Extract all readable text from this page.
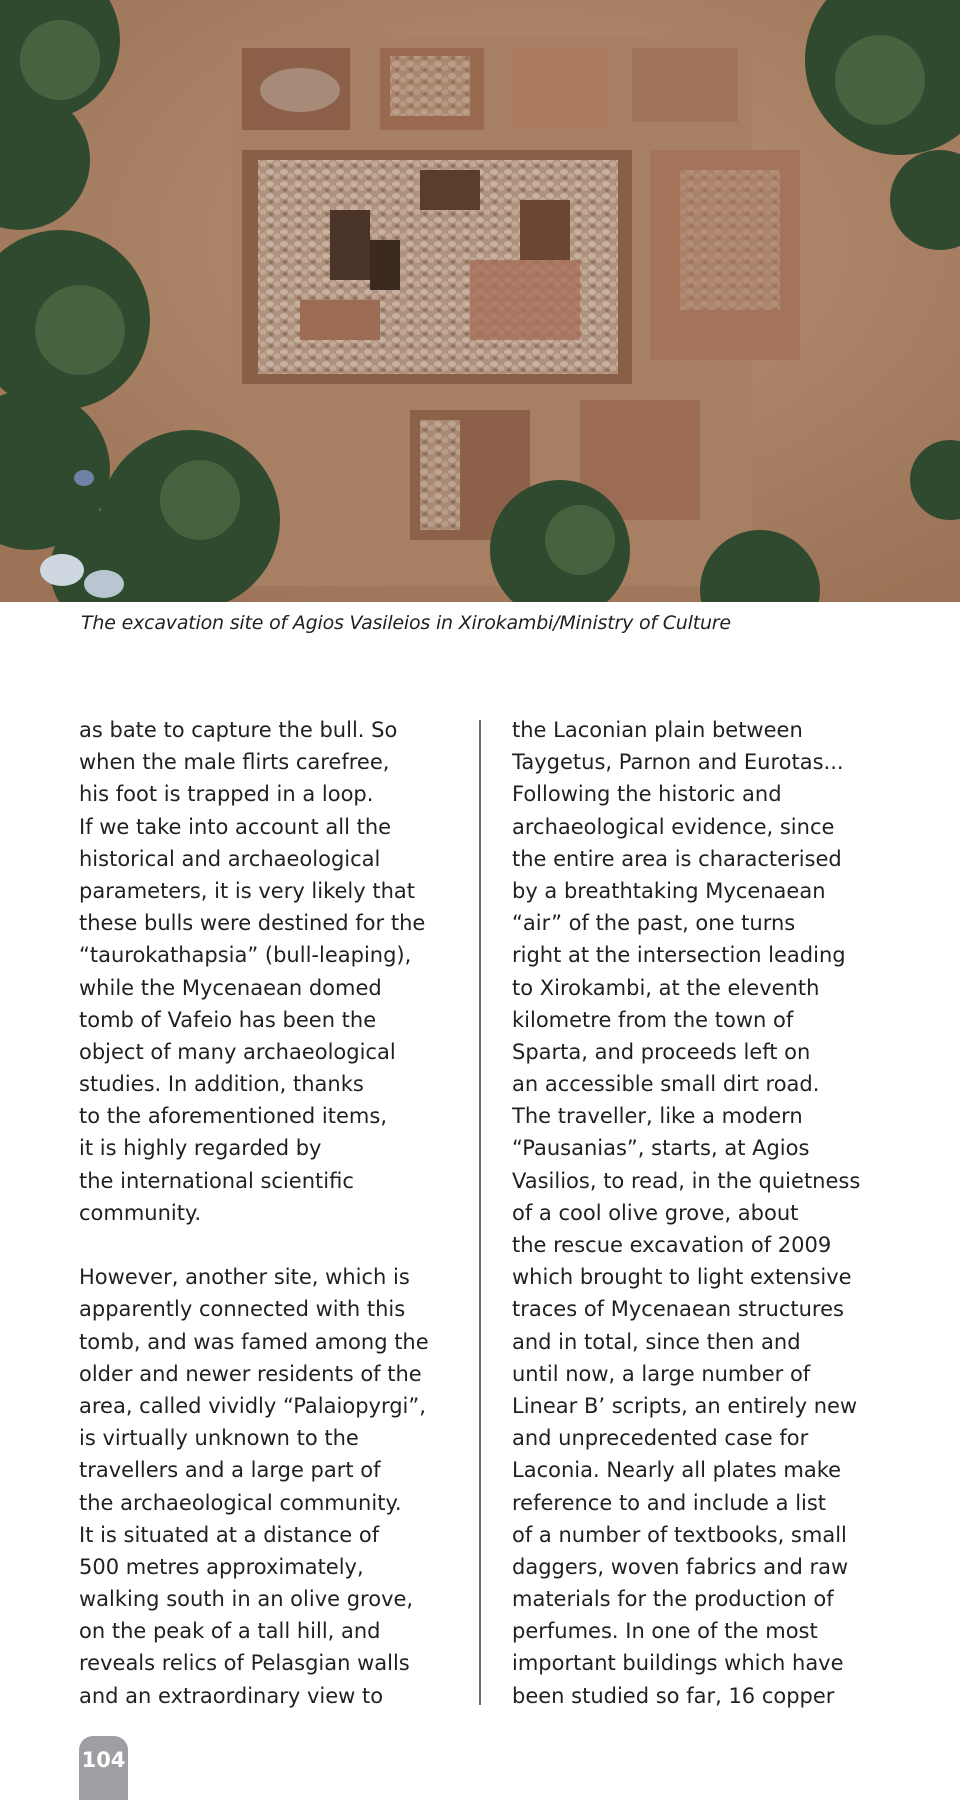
The excavation site of Agios Vasileios in Xirokambi/Ministry of Culture
as bate to capture the bull. So
when the male flirts carefree,
his foot is trapped in a loop.
If we take into account all the
historical and archaeological
parameters, it is very likely that
these bulls were destined for the
“taurokathapsia” (bull-leaping),
while the Mycenaean domed
tomb of Vafeio has been the
object of many archaeological
studies. In addition, thanks
to the aforementioned items,
it is highly regarded by
the international scientific
community.
However, another site, which is
apparently connected with this
tomb, and was famed among the
older and newer residents of the
area, called vividly “Palaiopyrgi”,
is virtually unknown to the
travellers and a large part of
the archaeological community.
It is situated at a distance of
500 metres approximately,
walking south in an olive grove,
on the peak of a tall hill, and
reveals relics of Pelasgian walls
and an extraordinary view to
the Laconian plain between
Taygetus, Parnon and Eurotas...
Following the historic and
archaeological evidence, since
the entire area is characterised
by a breathtaking Mycenaean
“air” of the past, one turns
right at the intersection leading
to Xirokambi, at the eleventh
kilometre from the town of
Sparta, and proceeds left on
an accessible small dirt road.
The traveller, like a modern
“Pausanias”, starts, at Agios
Vasilios, to read, in the quietness
of a cool olive grove, about
the rescue excavation of 2009
which brought to light extensive
traces of Mycenaean structures
and in total, since then and
until now, a large number of
Linear B’ scripts, an entirely new
and unprecedented case for
Laconia. Nearly all plates make
reference to and include a list
of a number of textbooks, small
daggers, woven fabrics and raw
materials for the production of
perfumes. In one of the most
important buildings which have
been studied so far, 16 copper
104
